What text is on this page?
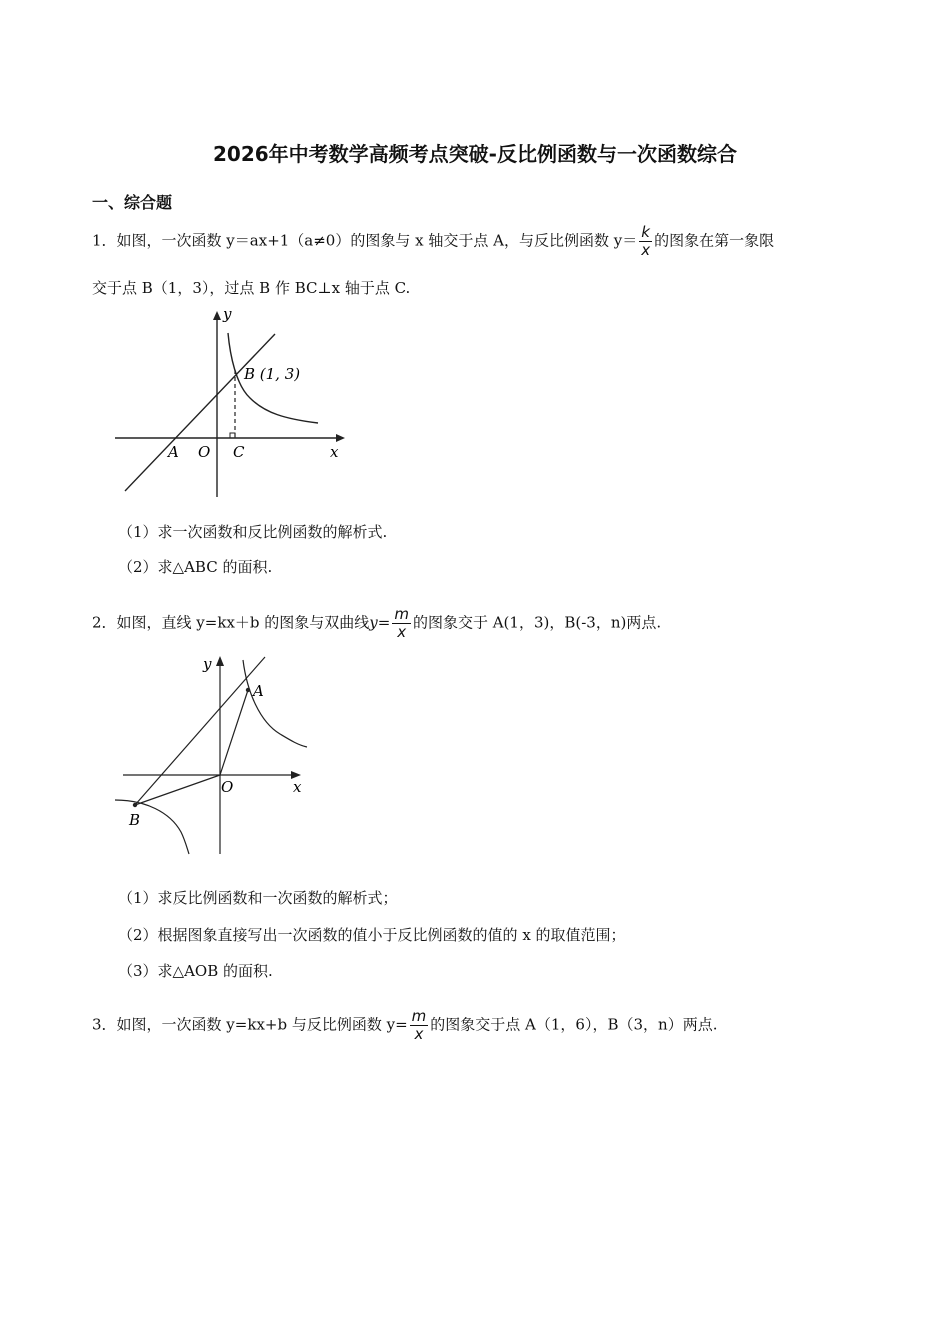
2026年中考数学高频考点突破-反比例函数与一次函数综合
一、综合题
1．如图，一次函数 y＝ax+1（a≠0）的图象与 x 轴交于点 A，与反比例函数 $y= \frac{k}{x}$ 的图象在第一象限
交于点 B（1，3），过点 B 作 BC⊥x 轴于点 C.
y
x
A O C
B (1, 3)
（1）求一次函数和反比例函数的解析式.
（2）求△ABC 的面积.
2．如图，直线 y=kx＋b 的图象与双曲线$y= \frac{m}{x}$ 的图象交于 A(1，3)，B(-3，n)两点.
y
x
A
O
B
（1）求反比例函数和一次函数的解析式；
（2）根据图象直接写出一次函数的值小于反比例函数的值的 x 的取值范围；
（3）求△AOB 的面积.
3．如图，一次函数 y=kx+b 与反比例函数 $y= \frac{m}{x}$ 的图象交于点 A（1，6），B（3，n）两点.
